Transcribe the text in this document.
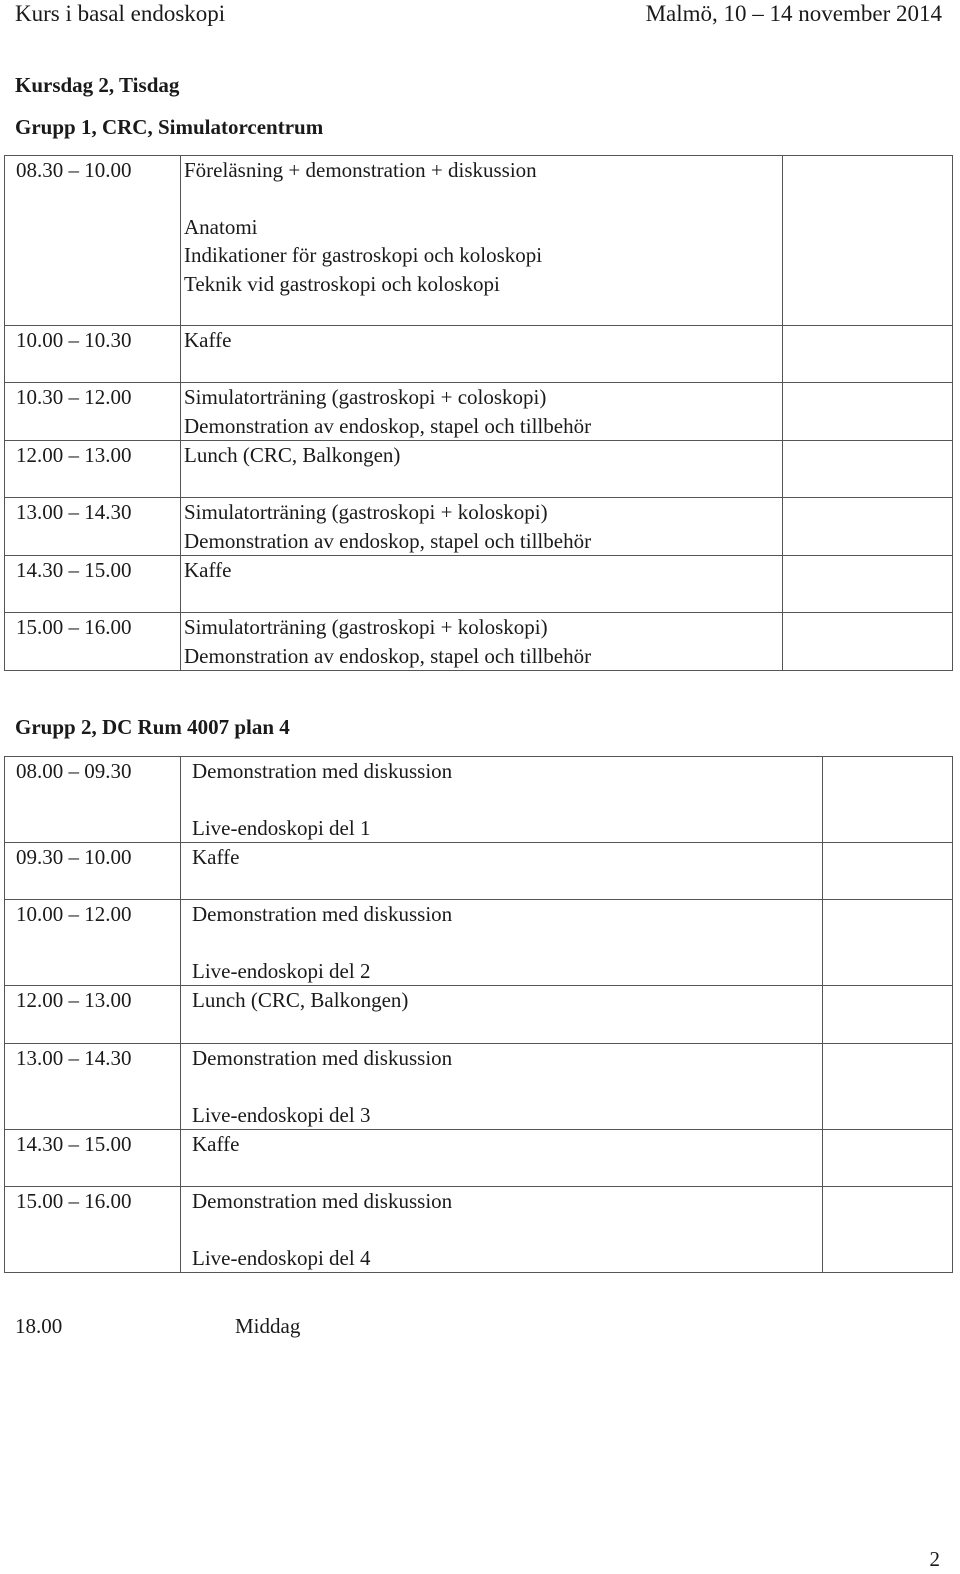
Kurs i basal endoskopi	Malmö, 10 – 14 november 2014
Kursdag 2, Tisdag
Grupp 1, CRC, Simulatorcentrum
08.30 – 10.00	Föreläsning + demonstration + diskussion
Anatomi
Indikationer för gastroskopi och koloskopi
Teknik vid gastroskopi och koloskopi	

10.00 – 10.30	Kaffe	

10.30 – 12.00	Simulatorträning (gastroskopi + coloskopi)
Demonstration av endoskop, stapel och tillbehör	

12.00 – 13.00	Lunch (CRC, Balkongen)	

13.00 – 14.30	Simulatorträning (gastroskopi + koloskopi)
Demonstration av endoskop, stapel och tillbehör	

14.30 – 15.00	Kaffe	

15.00 – 16.00	Simulatorträning (gastroskopi + koloskopi)
Demonstration av endoskop, stapel och tillbehör	

Grupp 2, DC Rum 4007 plan 4
08.00 – 09.30	Demonstration med diskussion
Live-endoskopi del 1	

09.30 – 10.00	Kaffe	

10.00 – 12.00	Demonstration med diskussion
Live-endoskopi del 2	

12.00 – 13.00	Lunch (CRC, Balkongen)	

13.00 – 14.30	Demonstration med diskussion
Live-endoskopi del 3	

14.30 – 15.00	Kaffe	

15.00 – 16.00	Demonstration med diskussion
Live-endoskopi del 4	

18.00	Middag
2
